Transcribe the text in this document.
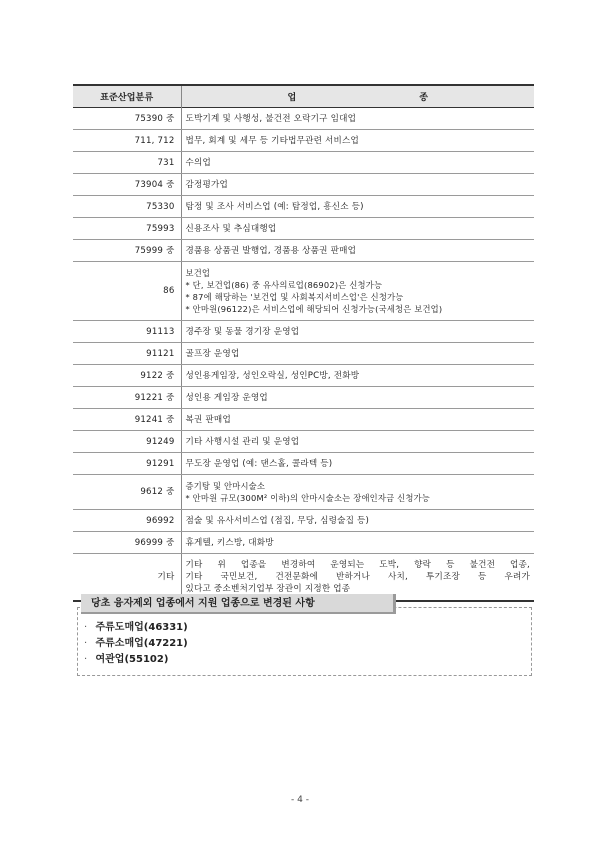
표준산업분류	업 종
75390 중	도박기계 및 사행성, 불건전 오락기구 임대업
711, 712	법무, 회계 및 세무 등 기타법무관련 서비스업
731	수의업
73904 중	감정평가업
75330	탐정 및 조사 서비스업 (예: 탐정업, 흥신소 등)
75993	신용조사 및 추심대행업
75999 중	경품용 상품권 발행업, 경품용 상품권 판매업
86	보건업
* 단, 보건업(86) 중 유사의료업(86902)은 신청가능
* 87에 해당하는 '보건업 및 사회복지서비스업'은 신청가능
* 안마원(96122)은 서비스업에 해당되어 신청가능(국세청은 보건업)

91113	경주장 및 동물 경기장 운영업
91121	골프장 운영업
9122 중	성인용게임장, 성인오락실, 성인PC방, 전화방
91221 중	성인용 게임장 운영업
91241 중	복권 판매업
91249	기타 사행시설 관리 및 운영업
91291	무도장 운영업 (예: 댄스홀, 콜라텍 등)
9612 중	증기탕 및 안마시술소
* 안마원 규모(300M² 이하)의 안마시술소는 장애인자금 신청가능

96992	점술 및 유사서비스업 (점집, 무당, 심령술집 등)
96999 중	휴게텔, 키스방, 대화방
기타	기타 위 업종을 변경하여 운영되는 도박, 향락 등 불건전 업종,
기타 국민보건, 건전문화에 반하거나 사치, 투기조장 등 우려가
있다고 중소벤처기업부 장관이 지정한 업종
· 주류도매업(46331)
· 주류소매업(47221)
· 여관업(55102)
당초 융자제외 업종에서 지원 업종으로 변경된 사항
- 4 -
